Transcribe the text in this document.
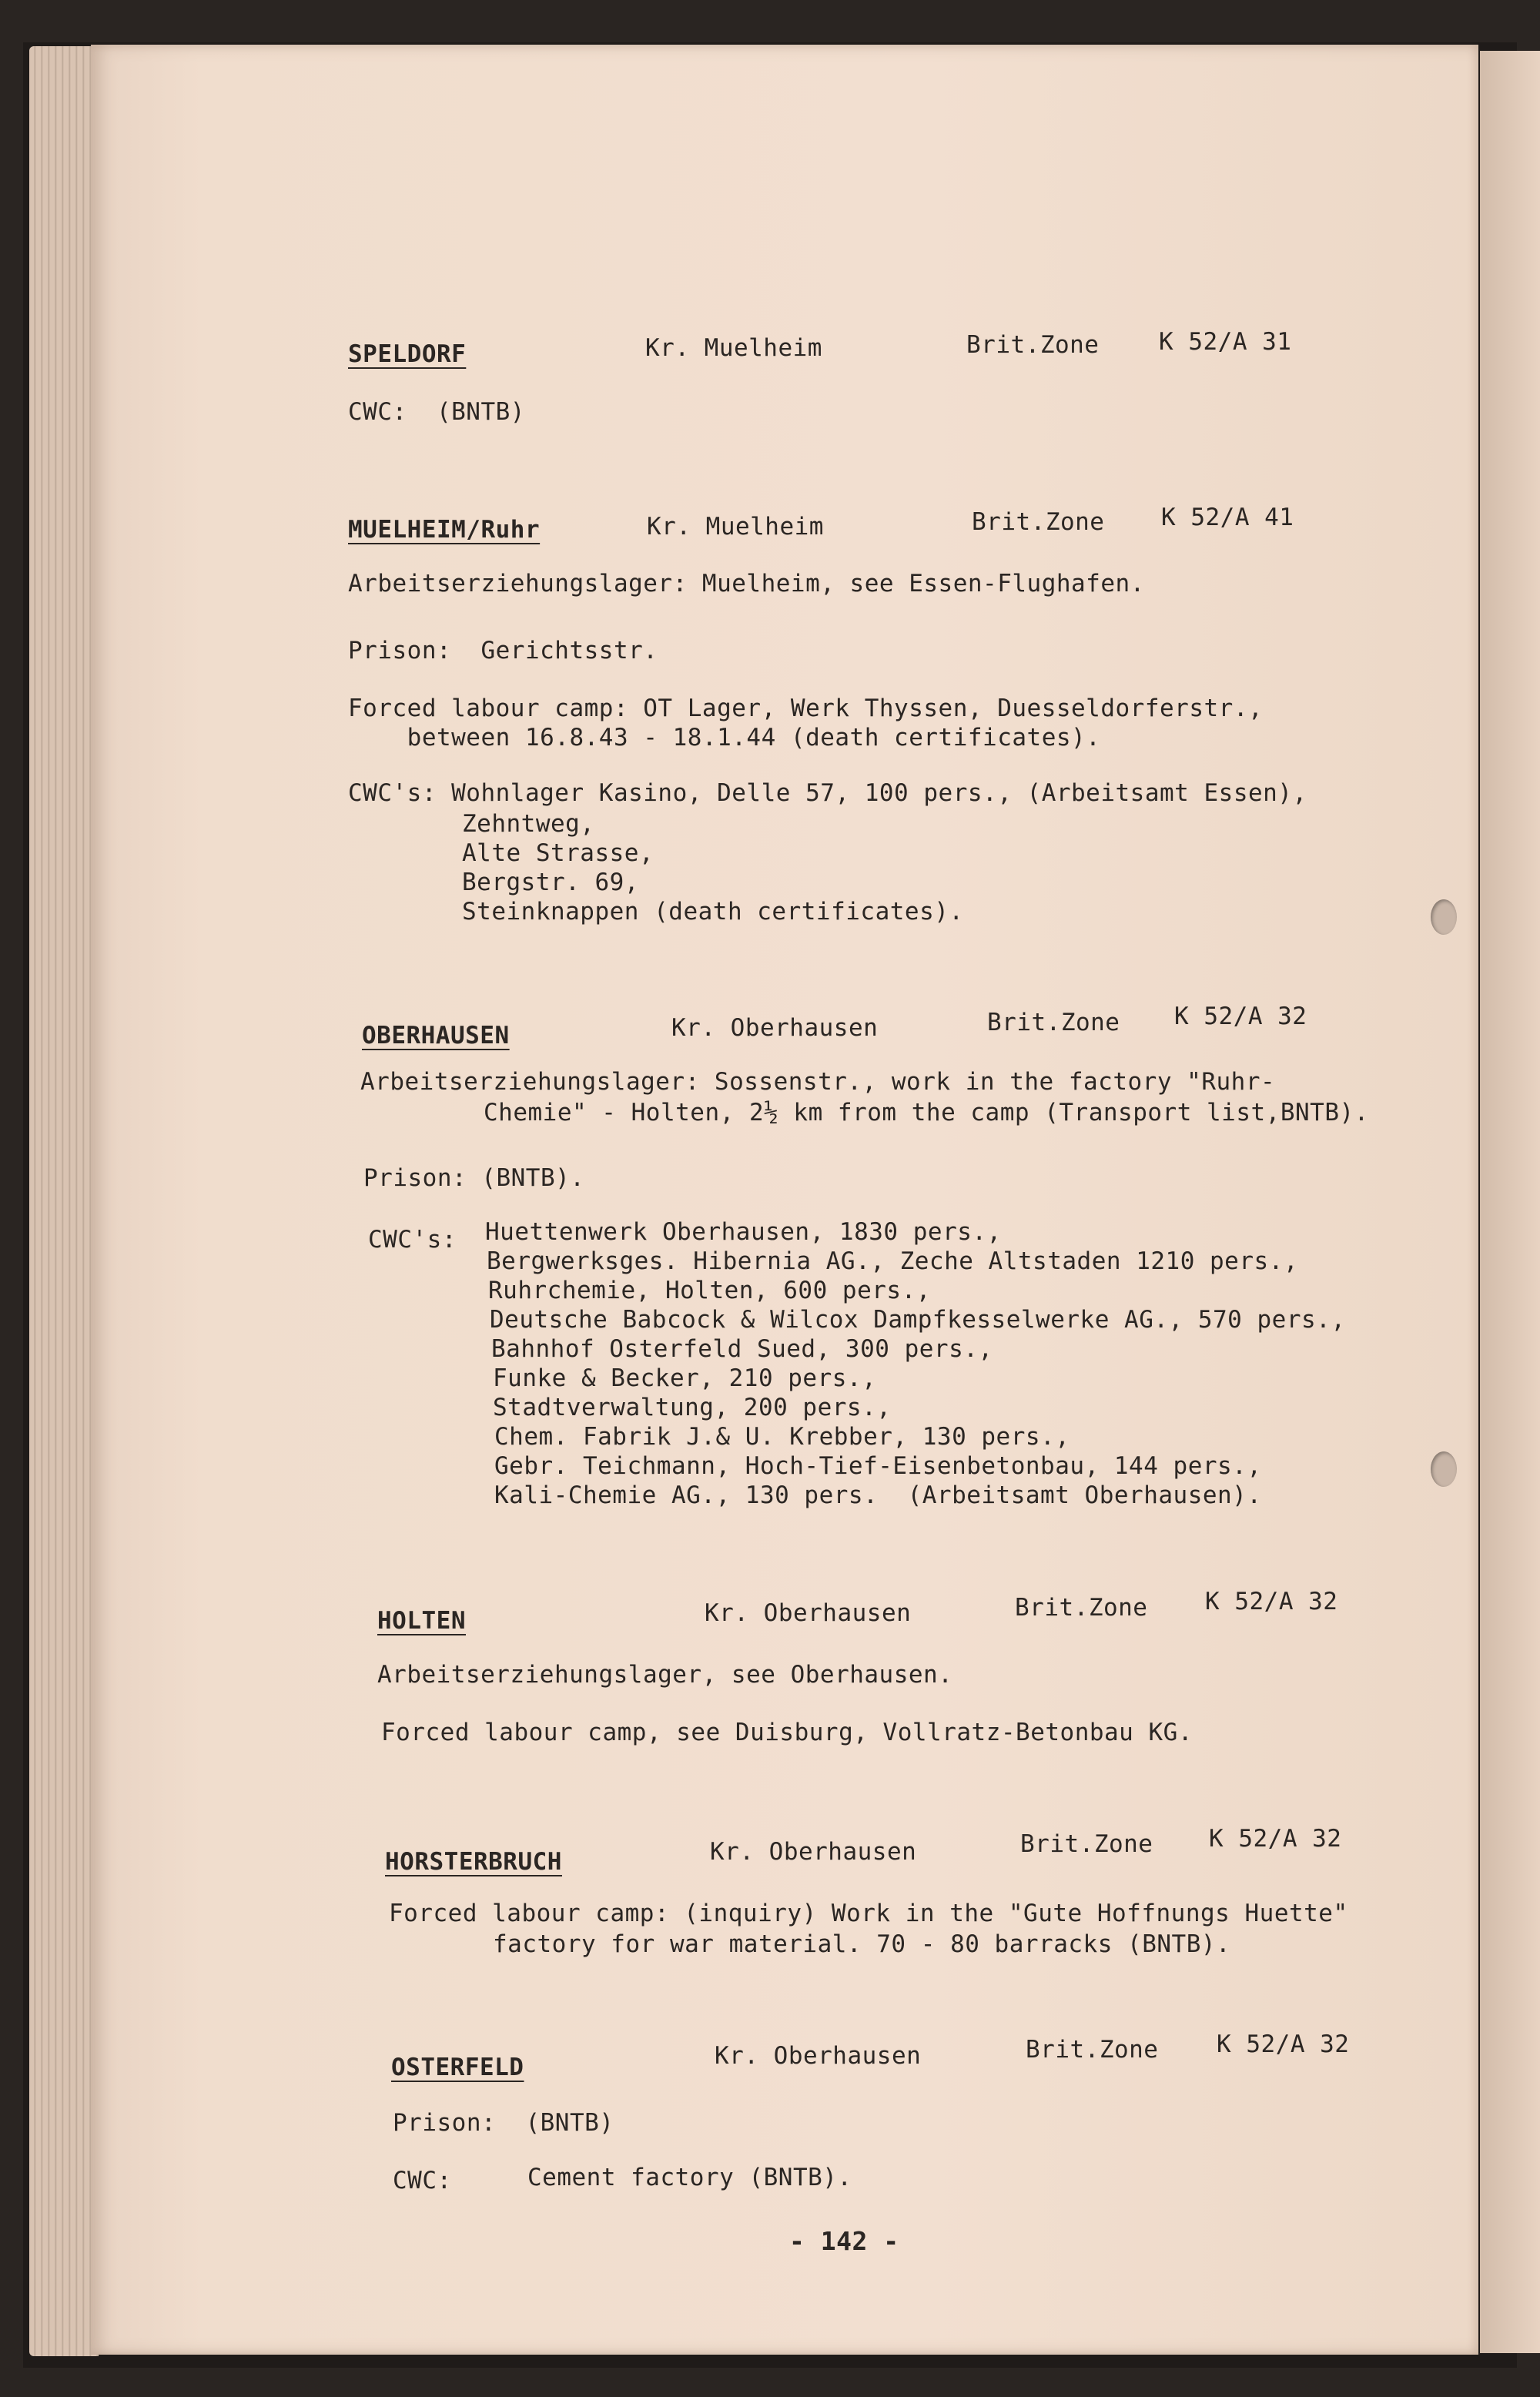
SPELDORF	Kr. Muelheim	Brit.Zone	K 52/A 31
CWC:  (BNTB)
MUELHEIM/Ruhr	Kr. Muelheim	Brit.Zone K 52/A 41
Arbeitserziehungslager: Muelheim, see Essen-Flughafen.
Prison:  Gerichtsstr.
Forced labour camp: OT Lager, Werk Thyssen, Duesseldorferstr.,
between 16.8.43 - 18.1.44 (death certificates).
CWC's: Wohnlager Kasino, Delle 57, 100 pers., (Arbeitsamt Essen),
Zehntweg,
Alte Strasse,
Bergstr. 69,
Steinknappen (death certificates).
OBERHAUSEN	Kr. Oberhausen	Brit.Zone K 52/A 32
Arbeitserziehungslager: Sossenstr., work in the factory "Ruhr-
Chemie" - Holten, 2½ km from the camp (Transport list,BNTB).
Prison: (BNTB).
CWC's: Huettenwerk Oberhausen, 1830 pers.,
Bergwerksges. Hibernia AG., Zeche Altstaden 1210 pers.,
Ruhrchemie, Holten, 600 pers.,
Deutsche Babcock & Wilcox Dampfkesselwerke AG., 570 pers.,
Bahnhof Osterfeld Sued, 300 pers.,
Funke & Becker, 210 pers.,
Stadtverwaltung, 200 pers.,
Chem. Fabrik J.& U. Krebber, 130 pers.,
Gebr. Teichmann, Hoch-Tief-Eisenbetonbau, 144 pers.,
Kali-Chemie AG., 130 pers.  (Arbeitsamt Oberhausen).
HOLTEN	Kr. Oberhausen	Brit.Zone K 52/A 32
Arbeitserziehungslager, see Oberhausen.
Forced labour camp, see Duisburg, Vollratz-Betonbau KG.
HORSTERBRUCH	Kr. Oberhausen	Brit.Zone K 52/A 32
Forced labour camp: (inquiry) Work in the "Gute Hoffnungs Huette"
factory for war material. 70 - 80 barracks (BNTB).
OSTERFELD	Kr. Oberhausen	Brit.Zone K 52/A 32
Prison:  (BNTB)
CWC:	Cement factory (BNTB).
- 142 -
